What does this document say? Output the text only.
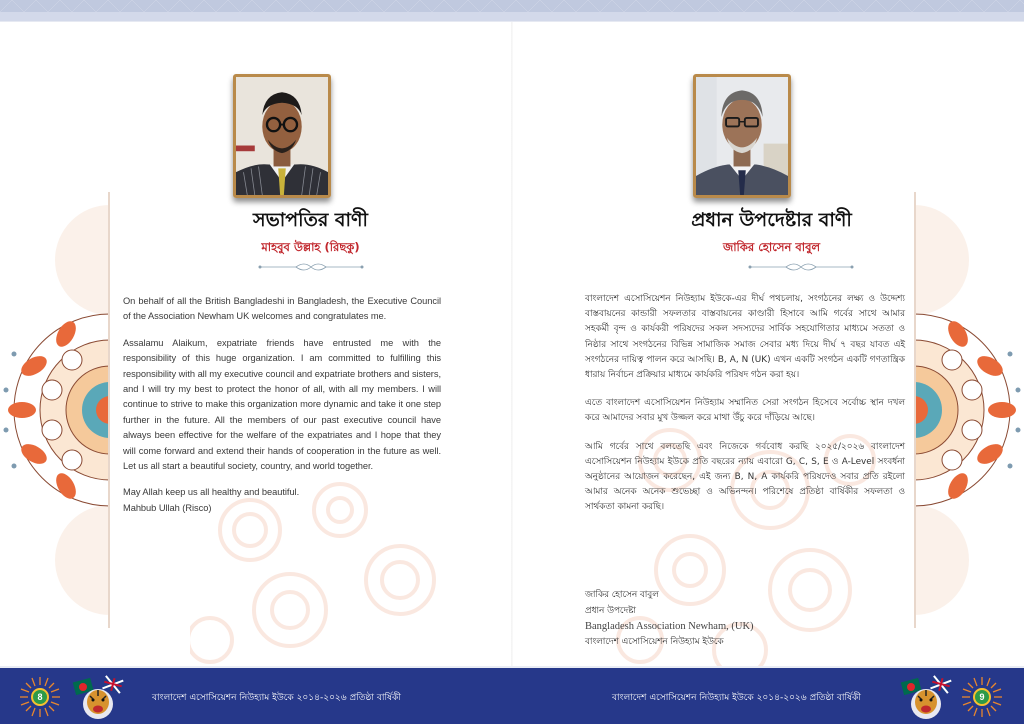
সভাপতির বাণী
মাহবুব উল্লাহ (রিছকু)

On behalf of all the British Bangladeshi in Bangladesh, the Executive Council of the Association Newham UK welcomes and congratulates me.

Assalamu Alaikum, expatriate friends have entrusted me with the responsibility of this huge organization. I am committed to fulfilling this responsibility with all my executive council and expatriate brothers and sisters, and I will try my best to protect the honor of all, with all my members. I will continue to strive to make this organization more dynamic and take it one step further in the future. All the members of our past executive council have always been effective for the welfare of the expatriates and I hope that they will come forward and extend their hands of cooperation in the future as well. Let us all start a beautiful society, country, and world together.

May Allah keep us all healthy and beautiful.
Mahbub Ullah (Risco)
প্রধান উপদেষ্টার বাণী
জাকির হোসেন বাবুল

বাংলাদেশ এসোসিয়েশন নিউহ্যাম ইউকে-এর দীর্ঘ পথচলায়, সংগঠনের লক্ষ্য ও উদ্দেশ্য বাস্তবায়নের কান্ডারী সফলতার বাস্তবায়নের কাণ্ডারী হিসাবে আমি গর্বের সাথে আমার সহকর্মী বৃন্দ ও কার্যকরী পরিষদের সকল সদস্যদের সার্বিক সহযোগিতার মাধ্যমে সততা ও নিষ্ঠার সাথে সংগঠনের বিভিন্ন সামাজিক সমাজ সেবার মধ্য দিয়ে দীর্ঘ ৭ বছর যাবত এই সংগঠনের দায়িত্ব পালন করে আসছি। B, A, N (UK) এখন একটি সংগঠন একটি গণতান্ত্রিক ধারায় নির্বাচন প্রক্রিয়ার মাধ্যমে কার্যকরি পরিষদ গঠন করা হয়।

এতে বাংলাদেশ এসোসিয়েশন নিউহ্যাম সম্মানিত সেরা সংগঠন হিসেবে সর্বোচ্চ স্থান দখল করে আমাদের সবার মুখ উজ্জল করে মাথা উঁচু করে দাঁড়িয়ে আছে।

আমি গর্বের সাথে বলতেছি এবং নিজেকে গর্ববোধ করছি ২০২৫/২০২৬ বাংলাদেশ এসোসিয়েশন নিউহ্যাম ইউকে প্রতি বছরের ন্যায় এবারো G, C, S, E ও A-Level সংবর্ধনা অনুষ্ঠানের আয়োজন করেছেন, এই জন্য B, N, A কার্যকরি পরিষদেও সবার প্রতি রইলো আমার অনেক অনেক শুভেচ্ছা ও অভিনন্দন। পরিশেষে প্রতিষ্ঠা বার্ষিকীর সফলতা ও সার্থকতা কামনা করছি।

জাকির হোসেন বাবুল
প্রধান উপদেষ্টা
Bangladesh Association Newham, (UK)
বাংলাদেশ এসোসিয়েশন নিউহ্যাম ইউকে
8	বাংলাদেশ এসোসিয়েশন নিউহ্যাম ইউকে ২০১৪-২০২৬ প্রতিষ্ঠা বার্ষিকী	বাংলাদেশ এসোসিয়েশন নিউহ্যাম ইউকে ২০১৪-২০২৬ প্রতিষ্ঠা বার্ষিকী	9
